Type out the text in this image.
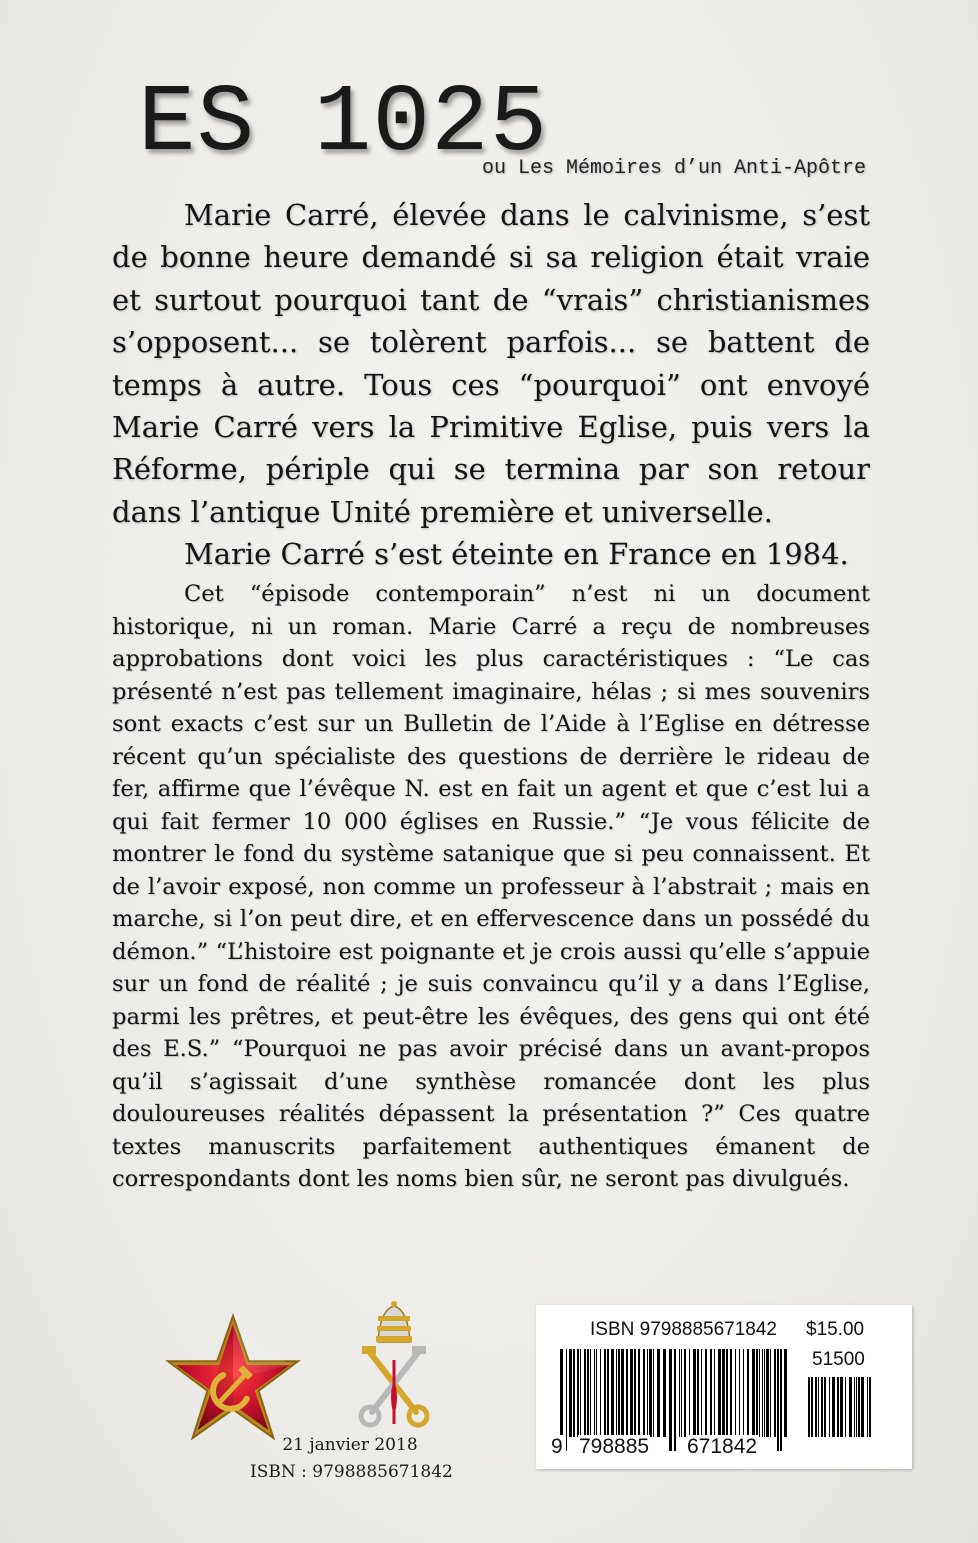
ES 1025
ou Les Mémoires d’un Anti-Apôtre

Marie Carré, élevée dans le calvinisme, s’est de bonne heure demandé si sa religion était vraie et surtout pourquoi tant de “vrais” christianismes s’opposent... se tolèrent parfois... se battent de temps à autre. Tous ces “pourquoi” ont envoyé Marie Carré vers la Primitive Eglise, puis vers la Réforme, périple qui se termina par son retour dans l’antique Unité première et universelle.

Marie Carré s’est éteinte en France en 1984.

Cet “épisode contemporain” n’est ni un document historique, ni un roman. Marie Carré a reçu de nombreuses approbations dont voici les plus caractéristiques : “Le cas présenté n’est pas tellement imaginaire, hélas ; si mes souvenirs sont exacts c’est sur un Bulletin de l’Aide à l’Eglise en détresse récent qu’un spécialiste des questions de derrière le rideau de fer, affirme que l’évêque N. est en fait un agent et que c’est lui a qui fait fermer 10 000 églises en Russie.” “Je vous félicite de montrer le fond du système satanique que si peu connaissent. Et de l’avoir exposé, non comme un professeur à l’abstrait ; mais en marche, si l’on peut dire, et en effervescence dans un possédé du démon.” “L’histoire est poignante et je crois aussi qu’elle s’appuie sur un fond de réalité ; je suis convaincu qu’il y a dans l’Eglise, parmi les prêtres, et peut-être les évêques, des gens qui ont été des E.S.” “Pourquoi ne pas avoir précisé dans un avant-propos qu’il s’agissait d’une synthèse romancée dont les plus douloureuses réalités dépassent la présentation ?” Ces quatre textes manuscrits parfaitement authentiques émanent de correspondants dont les noms bien sûr, ne seront pas divulgués.

21 janvier 2018
ISBN : 9798885671842
ISBN 9798885671842 $15.00
51500
9 798885 671842
